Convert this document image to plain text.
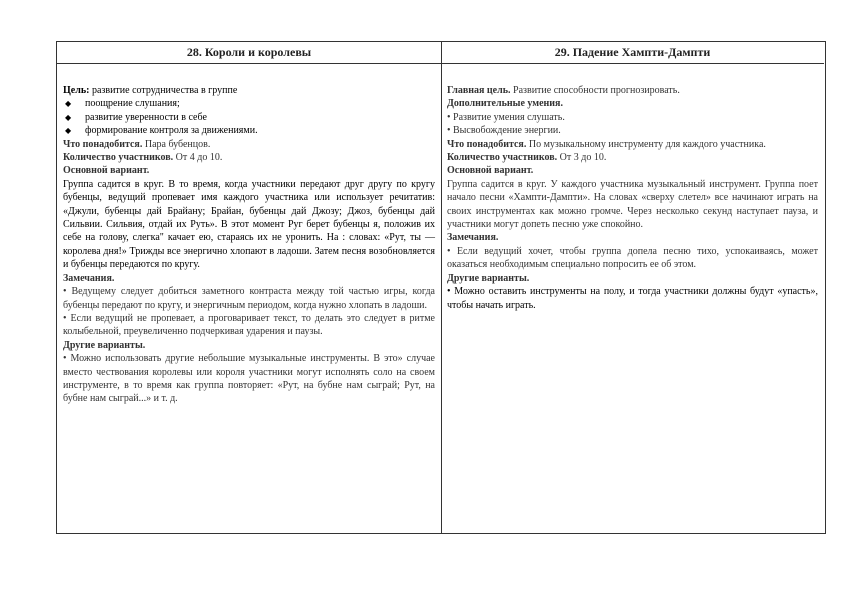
28. Короли и королевы

Цель: развитие сотрудничества в группе

◆	поощрение слушания;
◆	развитие уверенности в себе
◆	формирование контроля за движениями.

Что понадобится. Пара бубенцов.

Количество участников. От 4 до 10.

Основной вариант.

Группа садится в круг. В то время, когда участники передают друг другу по кругу бубенцы, ведущий пропевает имя каждого участника или использует речитатив: «Джули, бубенцы дай Брайану; Брайан, бубенцы дай Джозу; Джоз, бубенцы дай Сильвии. Сильвия, отдай их Руть». В этот момент Руг берет бубенцы я, положив их себе на голову, слегка" качает ею, стараясь их не уронить. На : словах: «Рут, ты — королева дня!» Трижды все энергично хлопают в ладоши. Затем песня возобновляется и бубенцы передаются по кругу.

Замечания.

• Ведущему следует добиться заметного контраста между той частью игры, когда бубенцы передают по кругу, и энергичным периодом, когда нужно хлопать в ладоши.

• Если ведущий не пропевает, а проговаривает текст, то делать это следует в ритме колыбельной, преувеличенно подчеркивая ударения и паузы.

Другие варианты.

• Можно использовать другие небольшие музыкальные инструменты. В это» случае вместо чествования королевы или короля участники могут исполнять соло на своем инструменте, в то время как группа повторяет: «Рут, на бубне нам сыграй; Рут, на бубне нам сыграй...» и т. д.

29. Падение Хампти-Дампти

Главная цель. Развитие способности прогнозировать.

Дополнительные умения.

• Развитие умения слушать.

• Высвобождение энергии.

Что понадобится. По музыкальному инструменту для каждого участника.

Количество участников. От 3 до 10.

Основной вариант.

Группа садится в круг. У каждого участника музыкальный инструмент. Группа поет начало песни «Хампти-Дампти». На словах «сверху слетел» все начинают играть на своих инструментах как можно громче. Через несколько секунд наступает пауза, и участники могут допеть песню уже спокойно.

Замечания.

• Если ведущий хочет, чтобы группа допела песню тихо, успокаиваясь, может оказаться необходимым специально попросить ее об этом.

Другие варианты.

• Можно оставить инструменты на полу, и тогда участники должны будут «упасть», чтобы начать играть.
